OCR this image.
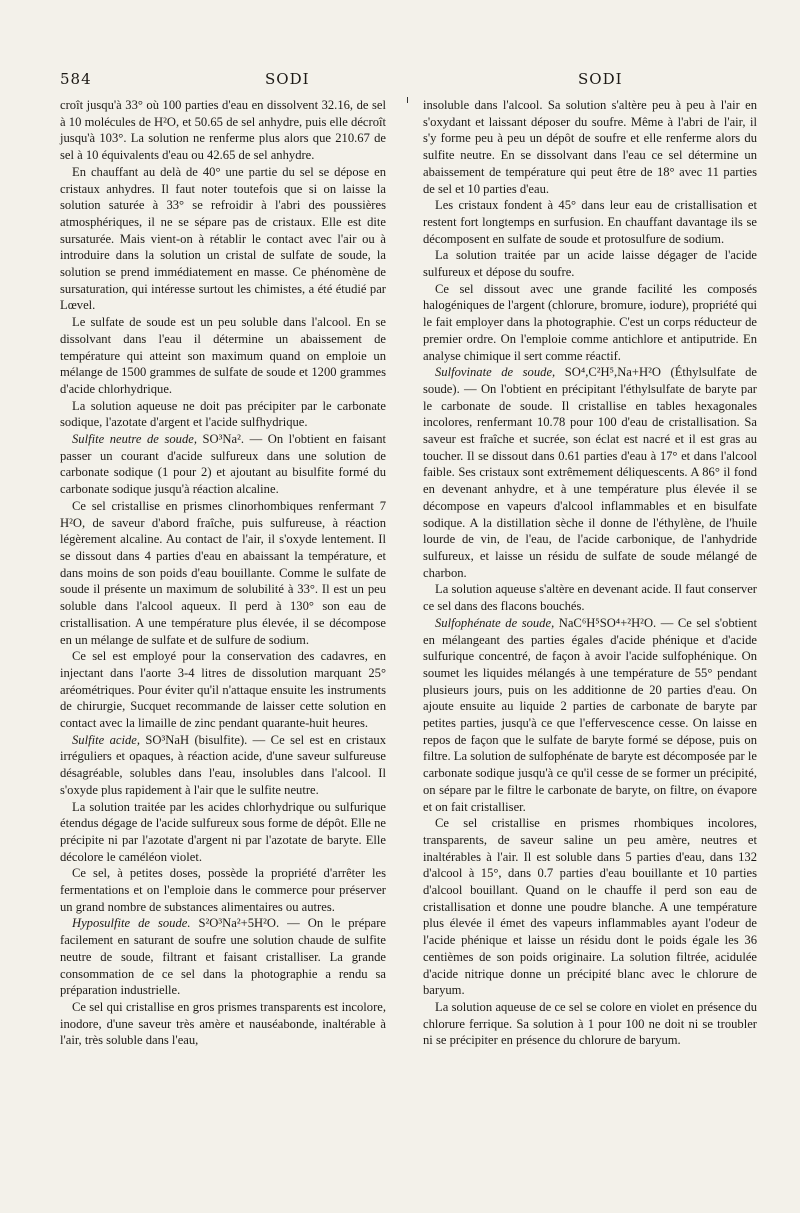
584	SODI	SODI

croît jusqu'à 33° où 100 parties d'eau en dissolvent 32.16, de sel à 10 molécules de H²O, et 50.65 de sel anhydre, puis elle décroît jusqu'à 103°. La solution ne renferme plus alors que 210.67 de sel à 10 équivalents d'eau ou 42.65 de sel anhydre.

En chauffant au delà de 40° une partie du sel se dépose en cristaux anhydres. Il faut noter toutefois que si on laisse la solution saturée à 33° se refroidir à l'abri des poussières atmosphériques, il ne se sépare pas de cristaux. Elle est dite sursaturée. Mais vient-on à rétablir le contact avec l'air ou à introduire dans la solution un cristal de sulfate de soude, la solution se prend immédiatement en masse. Ce phénomène de sursaturation, qui intéresse surtout les chimistes, a été étudié par Lœvel.

Le sulfate de soude est un peu soluble dans l'alcool. En se dissolvant dans l'eau il détermine un abaissement de température qui atteint son maximum quand on emploie un mélange de 1500 grammes de sulfate de soude et 1200 grammes d'acide chlorhydrique.

La solution aqueuse ne doit pas précipiter par le carbonate sodique, l'azotate d'argent et l'acide sulfhydrique.

Sulfite neutre de soude, SO³Na². — On l'obtient en faisant passer un courant d'acide sulfureux dans une solution de carbonate sodique (1 pour 2) et ajoutant au bisulfite formé du carbonate sodique jusqu'à réaction alcaline.

Ce sel cristallise en prismes clinorhombiques renfermant 7 H²O, de saveur d'abord fraîche, puis sulfureuse, à réaction légèrement alcaline. Au contact de l'air, il s'oxyde lentement. Il se dissout dans 4 parties d'eau en abaissant la température, et dans moins de son poids d'eau bouillante. Comme le sulfate de soude il présente un maximum de solubilité à 33°. Il est un peu soluble dans l'alcool aqueux. Il perd à 130° son eau de cristallisation. A une température plus élevée, il se décompose en un mélange de sulfate et de sulfure de sodium.

Ce sel est employé pour la conservation des cadavres, en injectant dans l'aorte 3-4 litres de dissolution marquant 25° aréométriques. Pour éviter qu'il n'attaque ensuite les instruments de chirurgie, Sucquet recommande de laisser cette solution en contact avec la limaille de zinc pendant quarante-huit heures.

Sulfite acide, SO³NaH (bisulfite). — Ce sel est en cristaux irréguliers et opaques, à réaction acide, d'une saveur sulfureuse désagréable, solubles dans l'eau, insolubles dans l'alcool. Il s'oxyde plus rapidement à l'air que le sulfite neutre.

La solution traitée par les acides chlorhydrique ou sulfurique étendus dégage de l'acide sulfureux sous forme de dépôt. Elle ne précipite ni par l'azotate d'argent ni par l'azotate de baryte. Elle décolore le caméléon violet.

Ce sel, à petites doses, possède la propriété d'arrêter les fermentations et on l'emploie dans le commerce pour préserver un grand nombre de substances alimentaires ou autres.

Hyposulfite de soude. S²O³Na²+5H²O. — On le prépare facilement en saturant de soufre une solution chaude de sulfite neutre de soude, filtrant et faisant cristalliser. La grande consommation de ce sel dans la photographie a rendu sa préparation industrielle.

Ce sel qui cristallise en gros prismes transparents est incolore, inodore, d'une saveur très amère et nauséabonde, inaltérable à l'air, très soluble dans l'eau,

insoluble dans l'alcool. Sa solution s'altère peu à peu à l'air en s'oxydant et laissant déposer du soufre. Même à l'abri de l'air, il s'y forme peu à peu un dépôt de soufre et elle renferme alors du sulfite neutre. En se dissolvant dans l'eau ce sel détermine un abaissement de température qui peut être de 18° avec 11 parties de sel et 10 parties d'eau.

Les cristaux fondent à 45° dans leur eau de cristallisation et restent fort longtemps en surfusion. En chauffant davantage ils se décomposent en sulfate de soude et protosulfure de sodium.

La solution traitée par un acide laisse dégager de l'acide sulfureux et dépose du soufre.

Ce sel dissout avec une grande facilité les composés halogéniques de l'argent (chlorure, bromure, iodure), propriété qui le fait employer dans la photographie. C'est un corps réducteur de premier ordre. On l'emploie comme antichlore et antiputride. En analyse chimique il sert comme réactif.

Sulfovinate de soude, SO⁴,C²H⁵,Na+H²O (Éthylsulfate de soude). — On l'obtient en précipitant l'éthylsulfate de baryte par le carbonate de soude. Il cristallise en tables hexagonales incolores, renfermant 10.78 pour 100 d'eau de cristallisation. Sa saveur est fraîche et sucrée, son éclat est nacré et il est gras au toucher. Il se dissout dans 0.61 parties d'eau à 17° et dans l'alcool faible. Ses cristaux sont extrêmement déliquescents. A 86° il fond en devenant anhydre, et à une température plus élevée il se décompose en vapeurs d'alcool inflammables et en bisulfate sodique. A la distillation sèche il donne de l'éthylène, de l'huile lourde de vin, de l'eau, de l'acide carbonique, de l'anhydride sulfureux, et laisse un résidu de sulfate de soude mélangé de charbon.

La solution aqueuse s'altère en devenant acide. Il faut conserver ce sel dans des flacons bouchés.

Sulfophénate de soude, NaC⁶H⁵SO⁴+²H²O. — Ce sel s'obtient en mélangeant des parties égales d'acide phénique et d'acide sulfurique concentré, de façon à avoir l'acide sulfophénique. On soumet les liquides mélangés à une température de 55° pendant plusieurs jours, puis on les additionne de 20 parties d'eau. On ajoute ensuite au liquide 2 parties de carbonate de baryte par petites parties, jusqu'à ce que l'effervescence cesse. On laisse en repos de façon que le sulfate de baryte formé se dépose, puis on filtre. La solution de sulfophénate de baryte est décomposée par le carbonate sodique jusqu'à ce qu'il cesse de se former un précipité, on sépare par le filtre le carbonate de baryte, on filtre, on évapore et on fait cristalliser.

Ce sel cristallise en prismes rhombiques incolores, transparents, de saveur saline un peu amère, neutres et inaltérables à l'air. Il est soluble dans 5 parties d'eau, dans 132 d'alcool à 15°, dans 0.7 parties d'eau bouillante et 10 parties d'alcool bouillant. Quand on le chauffe il perd son eau de cristallisation et donne une poudre blanche. A une température plus élevée il émet des vapeurs inflammables ayant l'odeur de l'acide phénique et laisse un résidu dont le poids égale les 36 centièmes de son poids originaire. La solution filtrée, acidulée d'acide nitrique donne un précipité blanc avec le chlorure de baryum.

La solution aqueuse de ce sel se colore en violet en présence du chlorure ferrique. Sa solution à 1 pour 100 ne doit ni se troubler ni se précipiter en présence du chlorure de baryum.
